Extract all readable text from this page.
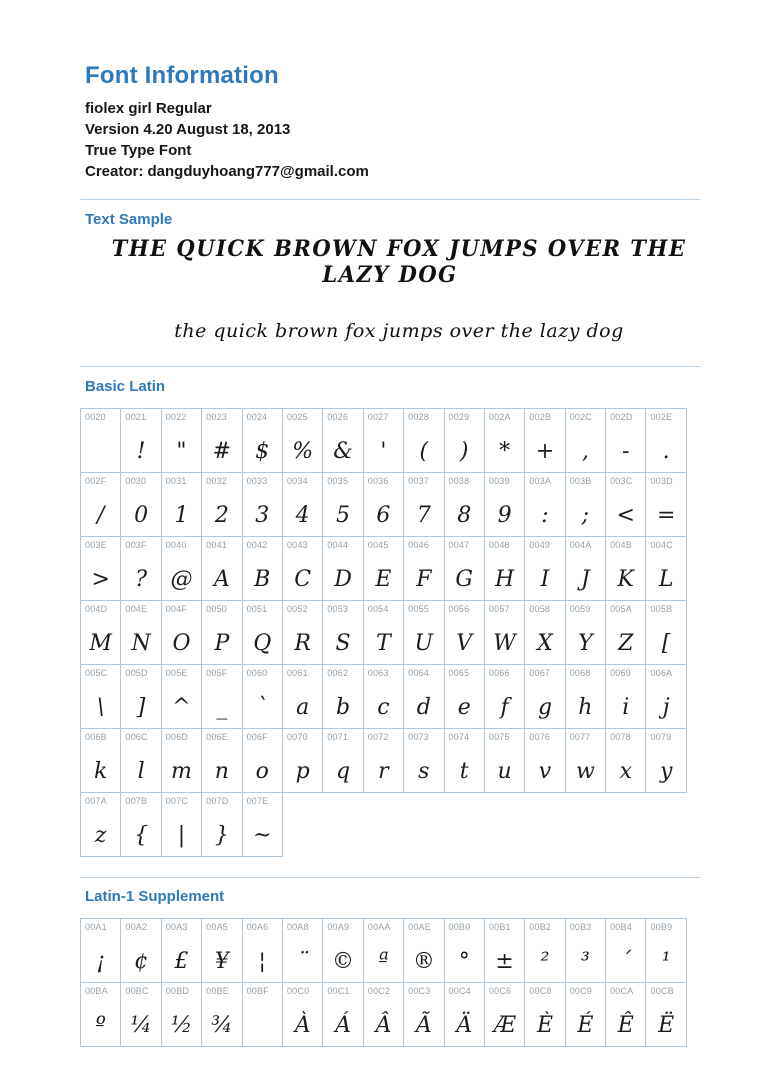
Font Information

fiolex girl Regular

Version 4.20 August 18, 2013

True Type Font

Creator: dangduyhoang777@gmail.com

Text Sample
THE QUICK BROWN FOX JUMPS OVER THE LAZY DOG
the quick brown fox jumps over the lazy dog
Basic Latin
0020 0021
!
0022
"
0023
#
0024
$
0025
%
0026
&
0027
'
0028
(
0029
)
002A
*
002B
+
002C
,
002D
-
002E
.
002F
/
0030
0
0031
1
0032
2
0033
3
0034
4
0035
5
0036
6
0037
7
0038
8
0039
9
003A
:
003B
;
003C
<
003D
=
003E
>
003F
?
0040
@
0041
A
0042
B
0043
C
0044
D
0045
E
0046
F
0047
G
0048
H
0049
I
004A
J
004B
K
004C
L
004D
M
004E
N
004F
O
0050
P
0051
Q
0052
R
0053
S
0054
T
0055
U
0056
V
0057
W
0058
X
0059
Y
005A
Z
005B
[
005C
\
005D
]
005E
^
005F
_
0060
`
0061
a
0062
b
0063
c
0064
d
0065
e
0066
f
0067
g
0068
h
0069
i
006A
j
006B
k
006C
l
006D
m
006E
n
006F
o
0070
p
0071
q
0072
r
0073
s
0074
t
0075
u
0076
v
0077
w
0078
x
0079
y
007A
z
007B
{
007C
|
007D
}
007E
~
Latin-1 Supplement
00A1
¡
00A2
¢
00A3
£
00A5
¥
00A6
¦
00A8
¨
00A9
©
00AA
ª
00AE
®
00B0
°
00B1
±
00B2
²
00B3
³
00B4
´
00B9
¹
00BA
º
00BC
¼
00BD
½
00BE
¾
00BF 00C0
À
00C1
Á
00C2
Â
00C3
Ã
00C4
Ä
00C6
Æ
00C8
È
00C9
É
00CA
Ê
00CB
Ë
